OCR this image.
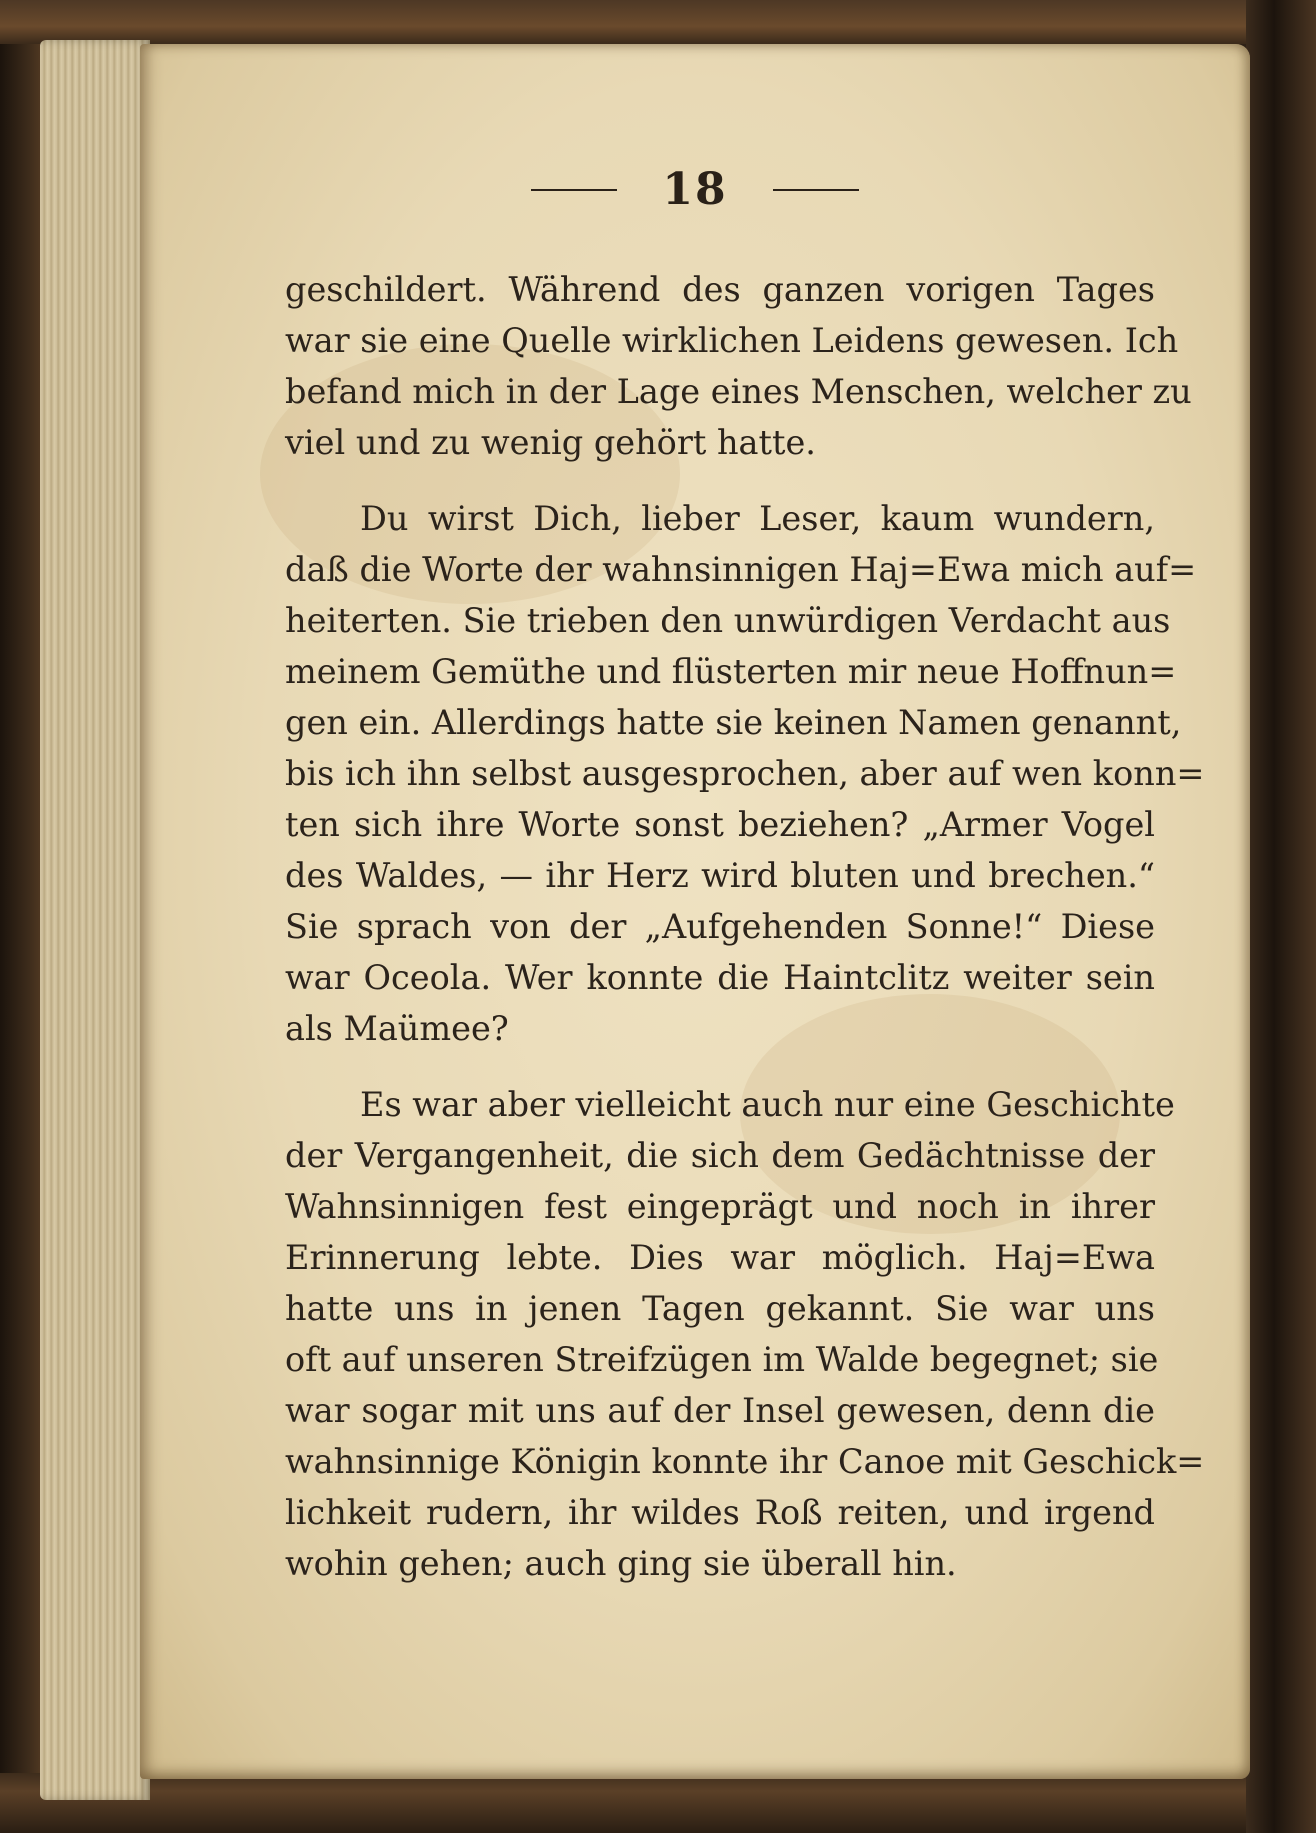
18
geschildert. Während des ganzen vorigen Tages
war sie eine Quelle wirklichen Leidens gewesen. Ich
befand mich in der Lage eines Menschen, welcher zu
viel und zu wenig gehört hatte.
Du wirst Dich, lieber Leser, kaum wundern,
daß die Worte der wahnsinnigen Haj=Ewa mich auf=
heiterten. Sie trieben den unwürdigen Verdacht aus
meinem Gemüthe und flüsterten mir neue Hoffnun=
gen ein. Allerdings hatte sie keinen Namen genannt,
bis ich ihn selbst ausgesprochen, aber auf wen konn=
ten sich ihre Worte sonst beziehen? „Armer Vogel
des Waldes, — ihr Herz wird bluten und brechen.“
Sie sprach von der „Aufgehenden Sonne!“ Diese
war Oceola. Wer konnte die Haintclitz weiter sein
als Maümee?
Es war aber vielleicht auch nur eine Geschichte
der Vergangenheit, die sich dem Gedächtnisse der
Wahnsinnigen fest eingeprägt und noch in ihrer
Erinnerung lebte. Dies war möglich. Haj=Ewa
hatte uns in jenen Tagen gekannt. Sie war uns
oft auf unseren Streifzügen im Walde begegnet; sie
war sogar mit uns auf der Insel gewesen, denn die
wahnsinnige Königin konnte ihr Canoe mit Geschick=
lichkeit rudern, ihr wildes Roß reiten, und irgend
wohin gehen; auch ging sie überall hin.
